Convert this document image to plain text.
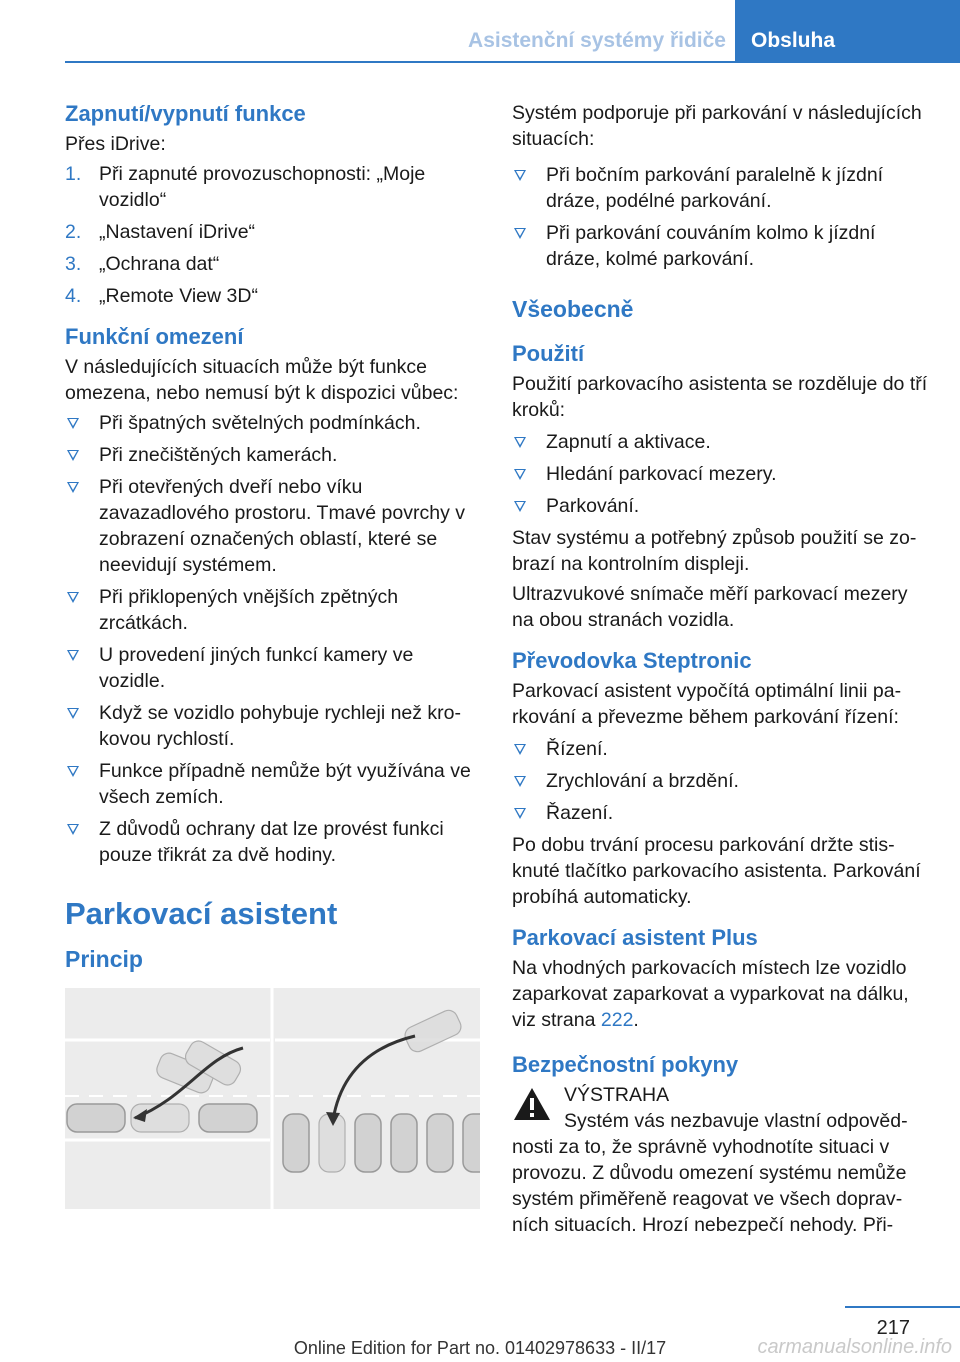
Asistenční systémy řidiče	Obsluha
Zapnutí/vypnutí funkce
Přes iDrive:
1. Při zapnuté provozuschopnosti: „Moje vozidlo“
2. „Nastavení iDrive“
3. „Ochrana dat“
4. „Remote View 3D“
Funkční omezení
V následujících situacích může být funkce omezena, nebo nemusí být k dispozici vůbec:
Při špatných světelných podmínkách.
Při znečištěných kamerách.
Při otevřených dveří nebo víku zavazadlového prostoru. Tmavé povrchy v zobrazení označených oblastí, které se neevidují systémem.
Při přiklopených vnějších zpětných zrcátkách.
U provedení jiných funkcí kamery ve vozidle.
Když se vozidlo pohybuje rychleji než krokovou rychlostí.
Funkce případně nemůže být využívána ve všech zemích.
Z důvodů ochrany dat lze provést funkci pouze třikrát za dvě hodiny.
Parkovací asistent
Princip
Systém podporuje při parkování v následujících situacích:
Při bočním parkování paralelně k jízdní dráze, podélné parkování.
Při parkování couváním kolmo k jízdní dráze, kolmé parkování.
Všeobecně
Použití
Použití parkovacího asistenta se rozděluje do tří kroků:
Zapnutí a aktivace.
Hledání parkovací mezery.
Parkování.
Stav systému a potřebný způsob použití se zobrazí na kontrolním displeji.
Ultrazvukové snímače měří parkovací mezery na obou stranách vozidla.
Převodovka Steptronic
Parkovací asistent vypočítá optimální linii parkování a převezme během parkování řízení:
Řízení.
Zrychlování a brzdění.
Řazení.
Po dobu trvání procesu parkování držte stisknuté tlačítko parkovacího asistenta. Parkování probíhá automaticky.
Parkovací asistent Plus
Na vhodných parkovacích místech lze vozidlo zaparkovat zaparkovat a vyparkovat na dálku, viz strana 222.
Bezpečnostní pokyny
VÝSTRAHA
Systém vás nezbavuje vlastní odpověd-
nosti za to, že správně vyhodnotíte situaci v provozu. Z důvodu omezení systému nemůže systém přiměřeně reagovat ve všech dopravních situacích. Hrozí nebezpečí nehody. Při-
217
Online Edition for Part no. 01402978633 - II/17	carmanualsonline.info
